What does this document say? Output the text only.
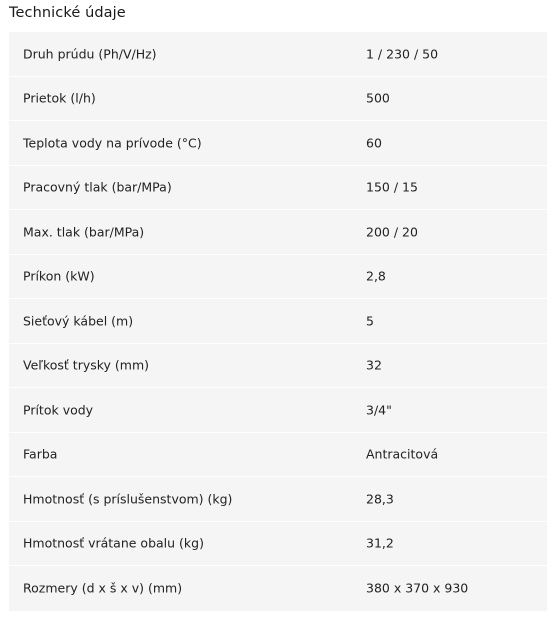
Technické údaje
Druh prúdu (Ph/V/Hz)	1 / 230 / 50
Prietok (l/h)	500
Teplota vody na prívode (°C)	60
Pracovný tlak (bar/MPa)	150 / 15
Max. tlak (bar/MPa)	200 / 20
Príkon (kW)	2,8
Sieťový kábel (m)	5
Veľkosť trysky (mm)	32
Prítok vody	3/4"
Farba	Antracitová
Hmotnosť (s príslušenstvom) (kg)	28,3
Hmotnosť vrátane obalu (kg)	31,2
Rozmery (d x š x v) (mm)	380 x 370 x 930
